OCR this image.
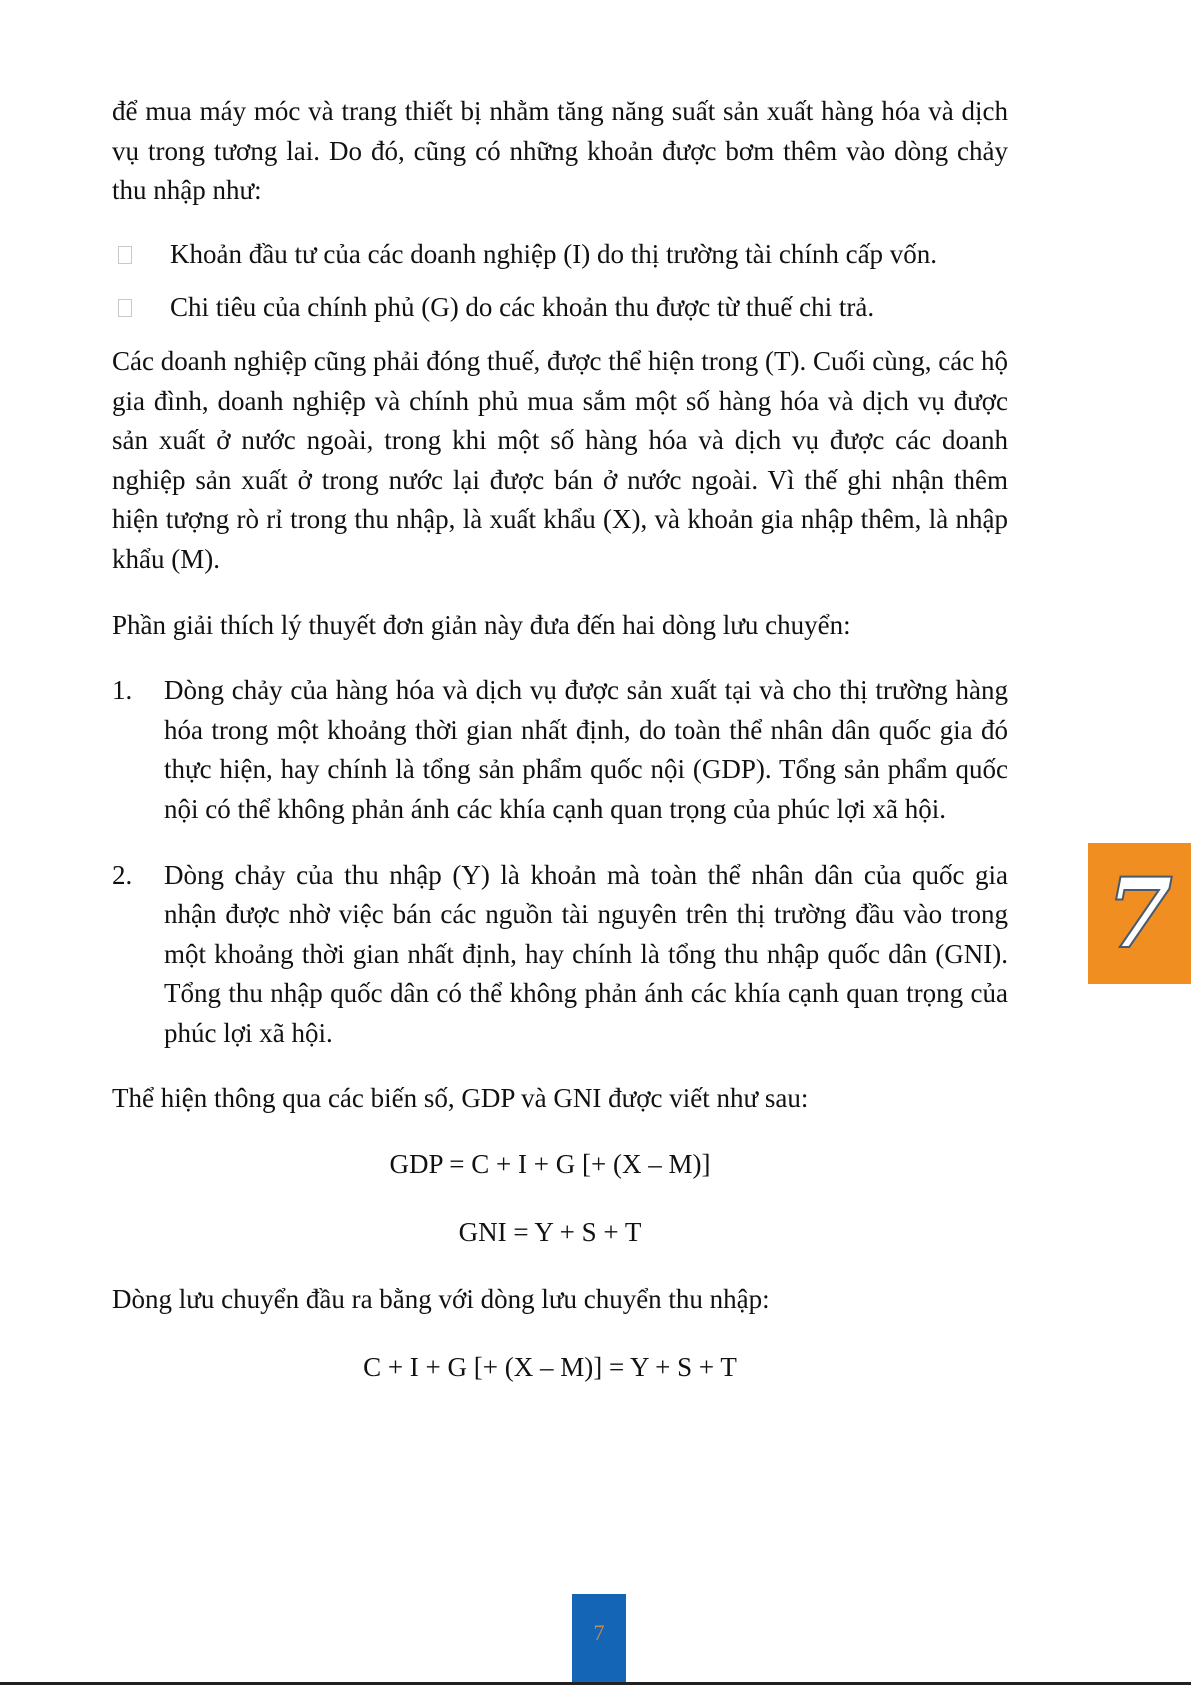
để mua máy móc và trang thiết bị nhằm tăng năng suất sản xuất hàng hóa và dịch vụ trong tương lai. Do đó, cũng có những khoản được bơm thêm vào dòng chảy thu nhập như:

Khoản đầu tư của các doanh nghiệp (I) do thị trường tài chính cấp vốn.
Chi tiêu của chính phủ (G) do các khoản thu được từ thuế chi trả.

Các doanh nghiệp cũng phải đóng thuế, được thể hiện trong (T). Cuối cùng, các hộ gia đình, doanh nghiệp và chính phủ mua sắm một số hàng hóa và dịch vụ được sản xuất ở nước ngoài, trong khi một số hàng hóa và dịch vụ được các doanh nghiệp sản xuất ở trong nước lại được bán ở nước ngoài. Vì thế ghi nhận thêm hiện tượng rò rỉ trong thu nhập, là xuất khẩu (X), và khoản gia nhập thêm, là nhập khẩu (M).

Phần giải thích lý thuyết đơn giản này đưa đến hai dòng lưu chuyển:

1. Dòng chảy của hàng hóa và dịch vụ được sản xuất tại và cho thị trường hàng hóa trong một khoảng thời gian nhất định, do toàn thể nhân dân quốc gia đó thực hiện, hay chính là tổng sản phẩm quốc nội (GDP). Tổng sản phẩm quốc nội có thể không phản ánh các khía cạnh quan trọng của phúc lợi xã hội.
2. Dòng chảy của thu nhập (Y) là khoản mà toàn thể nhân dân của quốc gia nhận được nhờ việc bán các nguồn tài nguyên trên thị trường đầu vào trong một khoảng thời gian nhất định, hay chính là tổng thu nhập quốc dân (GNI). Tổng thu nhập quốc dân có thể không phản ánh các khía cạnh quan trọng của phúc lợi xã hội.

Thể hiện thông qua các biến số, GDP và GNI được viết như sau:

GDP = C + I + G [+ (X – M)]

GNI = Y + S + T

Dòng lưu chuyển đầu ra bằng với dòng lưu chuyển thu nhập:

C + I + G [+ (X – M)] = Y + S + T

7
7
